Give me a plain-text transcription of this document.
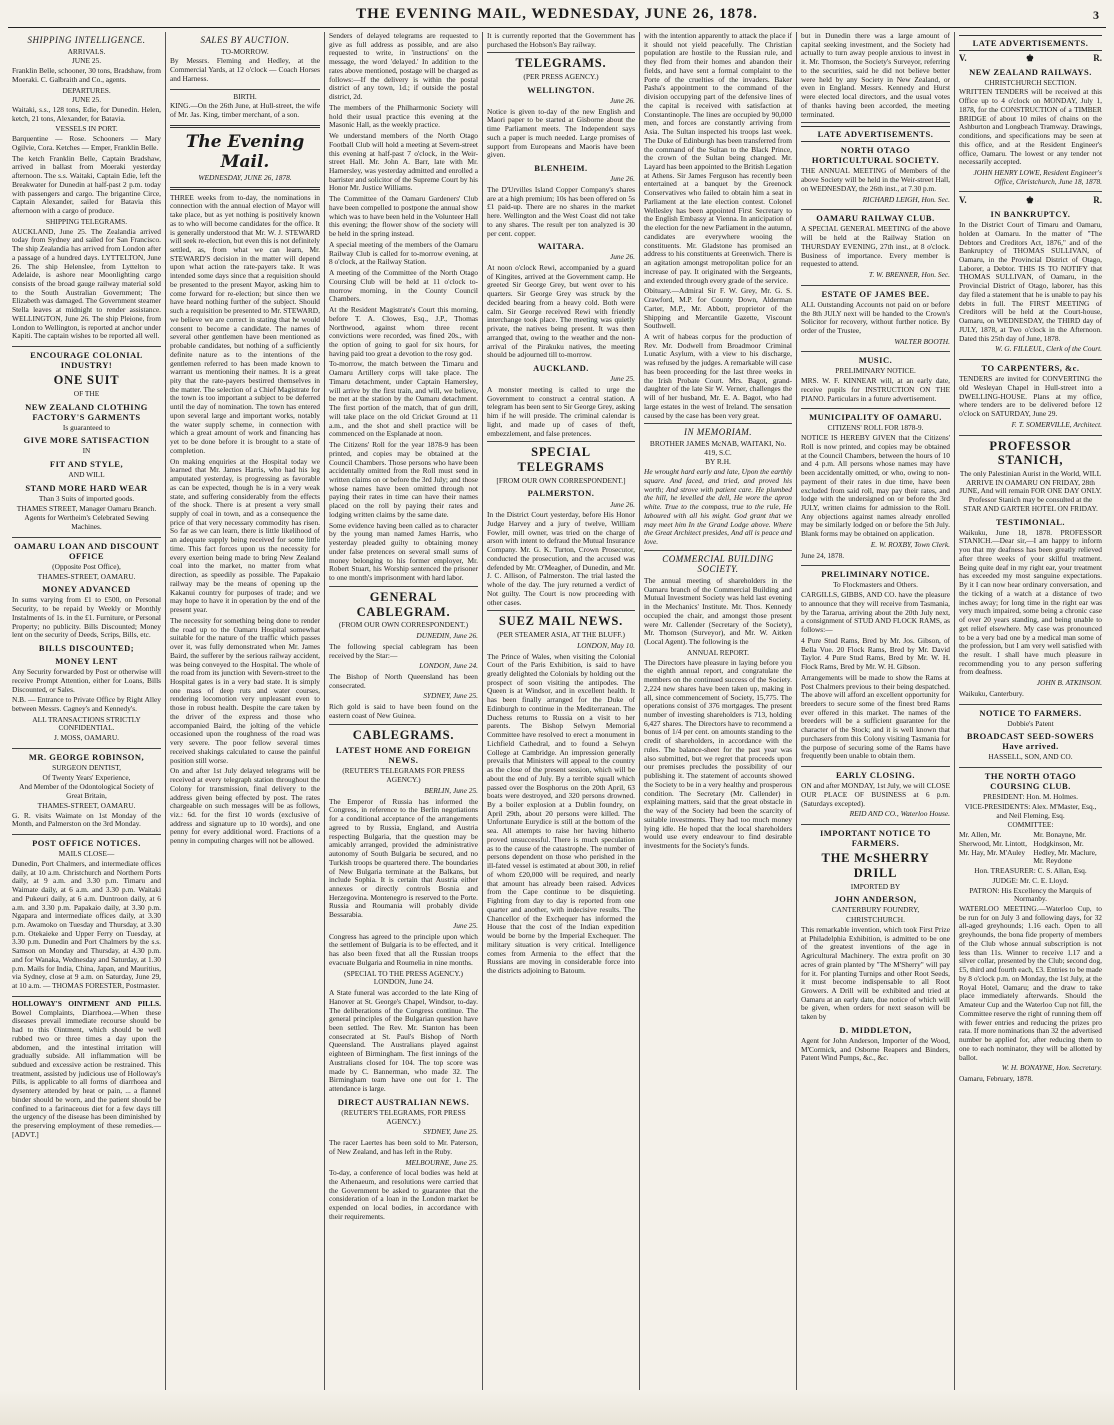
THE EVENING MAIL, WEDNESDAY, JUNE 26, 1878.	3
SHIPPING INTELLIGENCE.
ARRIVALS.
JUNE 25.
Franklin Belle, schooner, 30 tons, Bradshaw, from Moeraki. C. Galbraith and Co., agents.
DEPARTURES.
JUNE 25.
Waitaki, s.s., 128 tons, Edie, for Dunedin. Helen, ketch, 21 tons, Alexander, for Batavia.
VESSELS IN PORT.
Barquentine — Rose. Schooners — Mary Ogilvie, Cora. Ketches — Emper, Franklin Belle.
The ketch Franklin Belle, Captain Bradshaw, arrived in ballast from Moeraki yesterday afternoon. The s.s. Waitaki, Captain Edie, left the Breakwater for Dunedin at half-past 2 p.m. today with passengers and cargo. The brigantine Circe, Captain Alexander, sailed for Batavia this afternoon with a cargo of produce.
SHIPPING TELEGRAMS.
AUCKLAND, June 25. The Zealandia arrived today from Sydney and sailed for San Francisco. The ship Zealandia has arrived from London after a passage of a hundred days. LYTTELTON, June 26. The ship Helenslee, from Lyttelton to Adelaide, is ashore near Moonlighting cargo consists of the broad gauge railway material sold to the South Australian Government; The Elizabeth was damaged. The Government steamer Stella leaves at midnight to render assistance. WELLINGTON, June 26. The ship Pleione, from London to Wellington, is reported at anchor under Kapiti. The captain wishes to be reported all well.
ENCOURAGE COLONIAL INDUSTRY!
ONE SUIT
OF THE
NEW ZEALAND CLOTHING FACTORY'S GARMENTS
Is guaranteed to
GIVE MORE SATISFACTION
IN
FIT AND STYLE,
AND WILL
STAND MORE HARD WEAR
Than 3 Suits of imported goods.
THAMES STREET, Manager Oamaru Branch.
Agents for Wertheim's Celebrated Sewing Machines.
OAMARU LOAN AND DISCOUNT OFFICE
(Opposite Post Office),
THAMES-STREET, OAMARU.
MONEY ADVANCED
In sums varying from £1 to £500, on Personal Security, to be repaid by Weekly or Monthly Instalments of 1s. in the £1. Furniture, or Personal Property; no publicity. Bills Discounted; Money lent on the security of Deeds, Scrips, Bills, etc.
BILLS DISCOUNTED;
MONEY LENT
Any Security forwarded by Post or otherwise will receive Prompt Attention, either for Loans, Bills Discounted, or Sales.
N.B. — Entrance to Private Office by Right Alley between Messrs. Cagney's and Kennedy's.
ALL TRANSACTIONS STRICTLY CONFIDENTIAL.
J. MOSS, OAMARU.
MR. GEORGE ROBINSON,
SURGEON DENTIST,
Of Twenty Years' Experience,
And Member of the Odontological Society of Great Britain,
THAMES-STREET, OAMARU.
G. R. visits Waimate on 1st Monday of the Month, and Palmerston on the 3rd Monday.
POST OFFICE NOTICES.
MAILS CLOSE—
Dunedin, Port Chalmers, and intermediate offices daily, at 10 a.m. Christchurch and Northern Ports daily, at 9 a.m. and 3.30 p.m. Timaru and Waimate daily, at 6 a.m. and 3.30 p.m. Waitaki and Pukeuri daily, at 6 a.m. Duntroon daily, at 6 a.m. and 3.30 p.m. Papakaio daily, at 3.30 p.m. Ngapara and intermediate offices daily, at 3.30 p.m. Awamoko on Tuesday and Thursday, at 3.30 p.m. Otekaieke and Upper Ferry on Tuesday, at 3.30 p.m. Dunedin and Port Chalmers by the s.s. Samson on Monday and Thursday, at 4.30 p.m. and for Wanaka, Wednesday and Saturday, at 1.30 p.m. Mails for India, China, Japan, and Mauritius, via Sydney, close at 9 a.m. on Saturday, June 29, at 10 a.m. — THOMAS FORESTER, Postmaster.
HOLLOWAY'S OINTMENT AND PILLS. Bowel Complaints, Diarrhoea.—When these diseases prevail immediate recourse should be had to this Ointment, which should be well rubbed two or three times a day upon the abdomen, and the intestinal irritation will gradually subside. All inflammation will be subdued and excessive action be restrained. This treatment, assisted by judicious use of Holloway's Pills, is applicable to all forms of diarrhoea and dysentery attended by heat or pain, ... a flannel binder should be worn, and the patient should be confined to a farinaceous diet for a few days till the urgency of the disease has been diminished by the preserving employment of these remedies.—[ADVT.]
SALES BY AUCTION.
TO-MORROW.
By Messrs. Fleming and Hedley, at the Commercial Yards, at 12 o'clock — Coach Horses and Harness.
BIRTH.
KING.—On the 26th June, at Hull-street, the wife of Mr. Jas. King, timber merchant, of a son.
The Evening Mail.
WEDNESDAY, JUNE 26, 1878.
THREE weeks from to-day, the nominations in connection with the annual election of Mayor will take place, but as yet nothing is positively known as to who will become candidates for the office. It is generally understood that Mr. W. J. STEWARD will seek re-election, but even this is not definitely settled, as, from what we can learn, Mr. STEWARD'S decision in the matter will depend upon what action the rate-payers take. It was intended some days since that a requisition should be presented to the present Mayor, asking him to come forward for re-election; but since then we have heard nothing further of the subject. Should such a requisition be presented to Mr. STEWARD, we believe we are correct in stating that he would consent to become a candidate. The names of several other gentlemen have been mentioned as probable candidates, but nothing of a sufficiently definite nature as to the intentions of the gentlemen referred to has been made known to warrant us mentioning their names. It is a great pity that the rate-payers bestirred themselves in the matter. The selection of a Chief Magistrate for the town is too important a subject to be deferred until the day of nomination. The town has entered upon several large and important works, notably the water supply scheme, in connection with which a great amount of work and financing has yet to be done before it is brought to a state of completion.
On making enquiries at the Hospital today we learned that Mr. James Harris, who had his leg amputated yesterday, is progressing as favorable as can be expected, though he is in a very weak state, and suffering considerably from the effects of the shock. There is at present a very small supply of coal in town, and as a consequence the price of that very necessary commodity has risen. So far as we can learn, there is little likelihood of an adequate supply being received for some little time. This fact forces upon us the necessity for every exertion being made to bring New Zealand coal into the market, no matter from what direction, as speedily as possible. The Papakaio railway may be the means of opening up the Kakanui country for purposes of trade; and we may hope to have it in operation by the end of the present year.
The necessity for something being done to render the road up to the Oamaru Hospital somewhat suitable for the nature of the traffic which passes over it, was fully demonstrated when Mr. James Baird, the sufferer by the serious railway accident, was being conveyed to the Hospital. The whole of the road from its junction with Severn-street to the Hospital gates is in a very bad state. It is simply one mass of deep ruts and water courses, rendering locomotion very unpleasant even to those in robust health. Despite the care taken by the driver of the express and those who accompanied Baird, the jolting of the vehicle occasioned upon the roughness of the road was very severe. The poor fellow several times received shakings calculated to cause the painful position still worse.
On and after 1st July delayed telegrams will be received at every telegraph station throughout the Colony for transmission, final delivery to the address given being effected by post. The rates chargeable on such messages will be as follows, viz.: 6d. for the first 10 words (exclusive of address and signature up to 10 words), and one penny for every additional word. Fractions of a penny in computing charges will not be allowed.
Senders of delayed telegrams are requested to give as full address as possible, and are also requested to write, in 'instructions' on the message, the word 'delayed.' In addition to the rates above mentioned, postage will be charged as follows:—If the delivery is within the postal district of any town, 1d.; if outside the postal district, 2d.
The members of the Philharmonic Society will hold their usual practice this evening at the Masonic Hall, as the weekly practice.
We understand members of the North Otago Football Club will hold a meeting at Severn-street this evening at half-past 7 o'clock, in the Weir-street Hall. Mr. John A. Barr, late with Mr. Hamersley, was yesterday admitted and enrolled a barrister and solicitor of the Supreme Court by his Honor Mr. Justice Williams.
The Committee of the Oamaru Gardeners' Club have been compelled to postpone the annual show which was to have been held in the Volunteer Hall this evening; the flower show of the society will be held in the spring instead.
A special meeting of the members of the Oamaru Railway Club is called for to-morrow evening, at 8 o'clock, at the Railway Station.
A meeting of the Committee of the North Otago Coursing Club will be held at 11 o'clock to-morrow morning, in the County Council Chambers.
At the Resident Magistrate's Court this morning, before T. A. Clowes, Esq., J.P., Thomas Northwood, against whom three recent convictions were recorded, was fined 20s., with the option of going to gaol for six hours, for having paid too great a devotion to the rosy god.
To-morrow, the match between the Timaru and Oamaru Artillery corps will take place. The Timaru detachment, under Captain Hamersley, will arrive by the first train, and will, we believe, be met at the station by the Oamaru detachment. The first portion of the match, that of gun drill, will take place on the old Cricket Ground at 11 a.m., and the shot and shell practice will be commenced on the Esplanade at noon.
The Citizens' Roll for the year 1878-9 has been printed, and copies may be obtained at the Council Chambers. Those persons who have been accidentally omitted from the Roll must send in written claims on or before the 3rd July; and those whose names have been omitted through not paying their rates in time can have their names placed on the roll by paying their rates and lodging written claims by the same date.
Some evidence having been called as to character by the young man named James Harris, who yesterday pleaded guilty to obtaining money under false pretences on several small sums of money belonging to his former employer, Mr. Robert Stuart, his Worship sentenced the prisoner to one month's imprisonment with hard labor.
GENERAL CABLEGRAM.
(FROM OUR OWN CORRESPONDENT.)
DUNEDIN, June 26.
The following special cablegram has been received by the Star:—
LONDON, June 24.
The Bishop of North Queensland has been consecrated.
SYDNEY, June 25.
Rich gold is said to have been found on the eastern coast of New Guinea.
CABLEGRAMS.
LATEST HOME AND FOREIGN NEWS.
(REUTER'S TELEGRAMS FOR PRESS AGENCY.)
BERLIN, June 25.
The Emperor of Russia has informed the Congress, in reference to the Berlin negotiations for a conditional acceptance of the arrangements agreed to by Russia, England, and Austria respecting Bulgaria, that the question may be amicably arranged, provided the administrative autonomy of South Bulgaria be secured, and no Turkish troops be quartered there. The boundaries of New Bulgaria terminate at the Balkans, but include Sophia. It is certain that Austria either annexes or directly controls Bosnia and Herzegovina. Montenegro is reserved to the Porte. Russia and Roumania will probably divide Bessarabia.
June 25.
Congress has agreed to the principle upon which the settlement of Bulgaria is to be effected, and it has also been fixed that all the Russian troops evacuate Bulgaria and Roumelia in nine months.
(SPECIAL TO THE PRESS AGENCY.) LONDON, June 24.
A State funeral was accorded to the late King of Hanover at St. George's Chapel, Windsor, to-day. The deliberations of the Congress continue. The general principles of the Bulgarian question have been settled. The Rev. Mr. Stanton has been consecrated at St. Paul's Bishop of North Queensland. The Australians played against eighteen of Birmingham. The first innings of the Australians closed for 104. The top score was made by C. Bannerman, who made 32. The Birmingham team have one out for 1. The attendance is large.
DIRECT AUSTRALIAN NEWS.
(REUTER'S TELEGRAMS, FOR PRESS AGENCY.)
SYDNEY, June 25.
The racer Laertes has been sold to Mr. Paterson, of New Zealand, and has left in the Ruby.
MELBOURNE, June 25.
To-day, a conference of local bodies was held at the Athenaeum, and resolutions were carried that the Government be asked to guarantee that the consideration of a loan in the London market be expended on local bodies, in accordance with their requirements.
It is currently reported that the Government has purchased the Hobson's Bay railway.
TELEGRAMS.
(PER PRESS AGENCY.)
WELLINGTON.
June 26.
Notice is given to-day of the new English and Maori paper to be started at Gisborne about the time Parliament meets. The Independent says such a paper is much needed. Large promises of support from Europeans and Maoris have been given.
BLENHEIM.
June 26.
The D'Urvilles Island Copper Company's shares are at a high premium; 10s has been offered on 5s £1 paid-up. There are no shares in the market here. Wellington and the West Coast did not take to any shares. The result per ton analyzed is 30 per cent. copper.
WAITARA.
June 26.
At noon o'clock Rewi, accompanied by a guard of Kingites, arrived at the Government camp. He greeted Sir George Grey, but went over to his quarters. Sir George Grey was struck by the decided bearing from a heavy cold. Both were calm. Sir George received Rewi with friendly interchange took place. The meeting was quietly private, the natives being present. It was then arranged that, owing to the weather and the non-arrival of the Pirakuku natives, the meeting should be adjourned till to-morrow.
AUCKLAND.
June 25.
A monster meeting is called to urge the Government to construct a central station. A telegram has been sent to Sir George Grey, asking him if he will preside. The criminal calendar is light, and made up of cases of theft, embezzlement, and false pretences.
SPECIAL TELEGRAMS
[FROM OUR OWN CORRESPONDENT.]
PALMERSTON.
June 26.
In the District Court yesterday, before His Honor Judge Harvey and a jury of twelve, William Fowler, mill owner, was tried on the charge of arson with intent to defraud the Mutual Insurance Company. Mr. G. K. Turton, Crown Prosecutor, conducted the prosecution, and the accused was defended by Mr. O'Meagher, of Dunedin, and Mr. J. C. Allison, of Palmerston. The trial lasted the whole of the day. The jury returned a verdict of Not guilty. The Court is now proceeding with other cases.
SUEZ MAIL NEWS.
(PER STEAMER ASIA, AT THE BLUFF.)
LONDON, May 10.
The Prince of Wales, when visiting the Colonial Court of the Paris Exhibition, is said to have greatly delighted the Colonials by holding out the prospect of soon visiting the antipodes. The Queen is at Windsor, and in excellent health. It has been finally arranged for the Duke of Edinburgh to continue in the Mediterranean. The Duchess returns to Russia on a visit to her parents. The Bishop Selwyn Memorial Committee have resolved to erect a monument in Lichfield Cathedral, and to found a Selwyn College at Cambridge. An impression generally prevails that Ministers will appeal to the country as the close of the present session, which will be about the end of July. By a terrible squall which passed over the Bosphorus on the 20th April, 63 boats were destroyed, and 320 persons drowned. By a boiler explosion at a Dublin foundry, on April 29th, about 20 persons were killed. The Unfortunate Eurydice is still at the bottom of the sea. All attempts to raise her having hitherto proved unsuccessful. There is much speculation as to the cause of the catastrophe. The number of persons dependent on those who perished in the ill-fated vessel is estimated at about 300, in relief of whom £20,000 will be required, and nearly that amount has already been raised. Advices from the Cape continue to be disquieting. Fighting from day to day is reported from one quarter and another, with indecisive results. The Chancellor of the Exchequer has informed the House that the cost of the Indian expedition would be borne by the Imperial Exchequer. The military situation is very critical. Intelligence comes from Armenia to the effect that the Russians are moving in considerable force into the districts adjoining to Batoum.
with the intention apparently to attack the place if it should not yield peacefully. The Christian population are hostile to the Russian rule, and they fled from their homes and abandon their fields, and have sent a formal complaint to the Porte of the cruelties of the invaders. Baker Pasha's appointment to the command of the division occupying part of the defensive lines of the capital is received with satisfaction at Constantinople. The lines are occupied by 90,000 men, and forces are constantly arriving from Asia. The Sultan inspected his troops last week. The Duke of Edinburgh has been transferred from the command of the Sultan to the Black Prince, the crown of the Sultan being changed. Mr. Layard has been appointed to the British Legation at Athens. Sir James Ferguson has recently been entertained at a banquet by the Greenock Conservatives who failed to obtain him a seat in Parliament at the late election contest. Colonel Wellesley has been appointed First Secretary to the English Embassy at Vienna. In anticipation of the election for the new Parliament in the autumn, candidates are everywhere wooing the constituents. Mr. Gladstone has promised an address to his constituents at Greenwich. There is an agitation amongst metropolitan police for an increase of pay. It originated with the Sergeants, and extended through every grade of the service.
Obituary.—Admiral Sir F. W. Grey, Mr. G. S. Crawford, M.P. for County Down, Alderman Carter, M.P., Mr. Abbott, proprietor of the Shipping and Mercantile Gazette, Viscount Southwell.
A writ of habeas corpus for the production of Rev. Mr. Dodwell from Broadmoor Criminal Lunatic Asylum, with a view to his discharge, was refused by the judges. A remarkable will case has been proceeding for the last three weeks in the Irish Probate Court. Mrs. Bagot, grand-daughter of the late Sir W. Verner, challenges the will of her husband, Mr. E. A. Bagot, who had large estates in the west of Ireland. The sensation caused by the case has been very great.
IN MEMORIAM.
BROTHER JAMES McNAB, WAITAKI, No. 419, S.C.
BY R.H.
He wrought hard early and late, Upon the earthly square. And faced, and tried, and proved his worth; And strove with patient care. He plumbed the hill, he levelled the dell, He wore the apron white. True to the compass, true to the rule, He laboured with all his might. God grant that we may meet him In the Grand Lodge above. Where the Great Architect presides, And all is peace and love.
COMMERCIAL BUILDING SOCIETY.
The annual meeting of shareholders in the Oamaru branch of the Commercial Building and Mutual Investment Society was held last evening in the Mechanics' Institute. Mr. Thos. Kennedy occupied the chair, and amongst those present were Mr. Callender (Secretary of the Society), Mr. Thomson (Surveyor), and Mr. W. Aitken (Local Agent). The following is the
ANNUAL REPORT.
The Directors have pleasure in laying before you the eighth annual report, and congratulate the members on the continued success of the Society. 2,224 new shares have been taken up, making in all, since commencement of Society, 15,775. The operations consist of 376 mortgages. The present number of investing shareholders is 713, holding 6,427 shares. The Directors have to recommend a bonus of 1/4 per cent. on amounts standing to the credit of shareholders, in accordance with the rules. The balance-sheet for the past year was also submitted, but we regret that proceeds upon our premises precludes the possibility of our publishing it. The statement of accounts showed the Society to be in a very healthy and prosperous condition. The Secretary (Mr. Callender) in explaining matters, said that the great obstacle in the way of the Society had been the scarcity of suitable investments. They had too much money lying idle. He hoped that the local shareholders would use every endeavour to find desirable investments for the Society's funds.
but in Dunedin there was a large amount of capital seeking investment, and the Society had actually to turn away people anxious to invest in it. Mr. Thomson, the Society's Surveyor, referring to the securities, said he did not believe better were held by any Society in New Zealand, or even in England. Messrs. Kennedy and Hurst were elected local directors, and the usual votes of thanks having been accorded, the meeting terminated.
LATE ADVERTISEMENTS.
NORTH OTAGO HORTICULTURAL SOCIETY.
THE ANNUAL MEETING of Members of the above Society will be held in the Weir-street Hall, on WEDNESDAY, the 26th inst., at 7.30 p.m.
RICHARD LEIGH, Hon. Sec.
OAMARU RAILWAY CLUB.
A SPECIAL GENERAL MEETING of the above will be held at the Railway Station on THURSDAY EVENING, 27th inst., at 8 o'clock. Business of importance. Every member is requested to attend.
T. W. BRENNER, Hon. Sec.
ESTATE OF JAMES BEE.
ALL Outstanding Accounts not paid on or before the 8th JULY next will be handed to the Crown's Solicitor for recovery, without further notice. By order of the Trustee,
WALTER BOOTH.
MUSIC.
PRELIMINARY NOTICE.
MRS. W. F. KINNEAR will, at an early date, receive pupils for INSTRUCTION ON THE PIANO. Particulars in a future advertisement.
MUNICIPALITY OF OAMARU.
CITIZENS' ROLL FOR 1878-9.
NOTICE IS HEREBY GIVEN that the Citizens' Roll is now printed, and copies may be obtained at the Council Chambers, between the hours of 10 and 4 p.m. All persons whose names may have been accidentally omitted, or who, owing to non-payment of their rates in due time, have been excluded from said roll, may pay their rates, and lodge with the undersigned on or before the 3rd JULY, written claims for admission to the Roll. Any objections against names already enrolled may be similarly lodged on or before the 5th July. Blank forms may be obtained on application.
E. W. ROXBY, Town Clerk.
June 24, 1878.
PRELIMINARY NOTICE.
To Flockmasters and Others.
CARGILLS, GIBBS, AND CO. have the pleasure to announce that they will receive from Tasmania, by the Tararua, arriving about the 20th July next, a consignment of STUD AND FLOCK RAMS, as follows:—
4 Pure Stud Rams, Bred by Mr. Jos. Gibson, of Bella Vue. 20 Flock Rams, Bred by Mr. David Taylor. 4 Pure Stud Rams, Bred by Mr. W. H. Flock Rams, Bred by Mr. W. H. Gibson.
Arrangements will be made to show the Rams at Post Chalmers previous to their being despatched. The above will afford an excellent opportunity for breeders to secure some of the finest bred Rams ever offered in this market. The names of the breeders will be a sufficient guarantee for the character of the Stock; and it is well known that purchasers from this Colony visiting Tasmania for the purpose of securing some of the Rams have frequently been unable to obtain them.
EARLY CLOSING.
ON and after MONDAY, 1st July, we will CLOSE OUR PLACE OF BUSINESS at 6 p.m. (Saturdays excepted).
REID AND CO., Waterloo House.
IMPORTANT NOTICE TO FARMERS.
THE McSHERRY DRILL
IMPORTED BY
JOHN ANDERSON,
CANTERBURY FOUNDRY,
CHRISTCHURCH.
This remarkable invention, which took First Prize at Philadelphia Exhibition, is admitted to be one of the greatest inventions of the age in Agricultural Machinery. The extra profit on 30 acres of grain planted by "The M'Sherry" will pay for it. For planting Turnips and other Root Seeds, it must become indispensable to all Root Growers. A Drill will be exhibited and tried at Oamaru at an early date, due notice of which will be given, when orders for next season will be taken by
D. MIDDLETON,
Agent for John Anderson, Importer of the Wood, M'Cormick, and Osborne Reapers and Binders, Patent Wind Pumps, &c., &c.
LATE ADVERTISEMENTS.
V.	♚	R.
NEW ZEALAND RAILWAYS.
CHRISTCHURCH SECTION.
WRITTEN TENDERS will be received at this Office up to 4 o'clock on MONDAY, July 1, 1878, for the CONSTRUCTION of a TIMBER BRIDGE of about 10 miles of chains on the Ashburton and Longbeach Tramway. Drawings, conditions, and specifications may be seen at this office, and at the Resident Engineer's office, Oamaru. The lowest or any tender not necessarily accepted.
JOHN HENRY LOWE, Resident Engineer's Office, Christchurch, June 18, 1878.
V.	♚	R.
IN BANKRUPTCY.
In the District Court of Timaru and Oamaru, holden at Oamaru. In the matter of "The Debtors and Creditors Act, 1876," and of the Bankruptcy of THOMAS SULLIVAN, of Oamaru, in the Provincial District of Otago, Laborer, a Debtor. THIS IS TO NOTIFY that THOMAS SULLIVAN, of Oamaru, in the Provincial District of Otago, laborer, has this day filed a statement that he is unable to pay his debts in full. The FIRST MEETING of Creditors will be held at the Court-house, Oamaru, on WEDNESDAY, the THIRD day of JULY, 1878, at Two o'clock in the Afternoon. Dated this 25th day of June, 1878.
W. G. FILLEUL, Clerk of the Court.
TO CARPENTERS, &c.
TENDERS are invited for CONVERTING the old Wesleyan Chapel in Hull-street into a DWELLING-HOUSE. Plans at my office, where tenders are to be delivered before 12 o'clock on SATURDAY, June 29.
F. T. SOMERVILLE, Architect.
PROFESSOR STANICH,
The only Palestinian Aurist in the World, WILL ARRIVE IN OAMARU ON FRIDAY, 28th JUNE, And will remain FOR ONE DAY ONLY. Professor Stanich may be consulted at the STAR AND GARTER HOTEL ON FRIDAY.
TESTIMONIAL.
Waikuku, June 18, 1878. PROFESSOR STANICH.—Dear sir,—I am happy to inform you that my deafness has been greatly relieved after three weeks of your skilful treatment. Being quite deaf in my right ear, your treatment has exceeded my most sanguine expectations. By it I can now hear ordinary conversation, and the ticking of a watch at a distance of two inches away; for long time in the right ear was very much impaired, some being a chronic case of over 20 years standing, and being unable to get relief elsewhere. My case was pronounced to be a very bad one by a medical man some of the profession, but I am very well satisfied with the result. I shall have much pleasure in recommending you to any person suffering from deafness.
JOHN B. ATKINSON.
Waikuku, Canterbury.
NOTICE TO FARMERS.
Dobbie's Patent
BROADCAST SEED-SOWERS Have arrived.
HASSELL, SON, AND CO.
THE NORTH OTAGO COURSING CLUB.
PRESIDENT: Hon. M. Holmes.
VICE-PRESIDENTS: Alex. M'Master, Esq., and Neil Fleming, Esq.
COMMITTEE:
Mr. Allen, Mr. Sherwood, Mr. Lintott, Mr. Hay, Mr. M'Auley
Mr. Bonayne, Mr. Hodgkinson, Mr. Hedley, Mr. Maclure, Mr. Reydone
Hon. TREASURER: C. S. Allan, Esq.
JUDGE: Mr. C. E. Lloyd.
PATRON: His Excellency the Marquis of Normanby.
WATERLOO MEETING.—Waterloo Cup, to be run for on July 3 and following days, for 32 all-aged greyhounds; 1.16 each. Open to all greyhounds, the bona fide property of members of the Club whose annual subscription is not less than 11s. Winner to receive 1.17 and a silver collar, presented by the Club; second dog, £5, third and fourth each, £3. Entries to be made by 8 o'clock p.m. on Monday, the 1st July, at the Royal Hotel, Oamaru; and the draw to take place immediately afterwards. Should the Amateur Cup and the Waterloo Cup not fill, the Committee reserve the right of running them off with fewer entries and reducing the prizes pro rata. If more nominations than 32 the advertised number be applied for, after reducing them to one to each nominator, they will be allotted by ballot.
W. H. BONAYNE, Hon. Secretary.
Oamaru, February, 1878.
